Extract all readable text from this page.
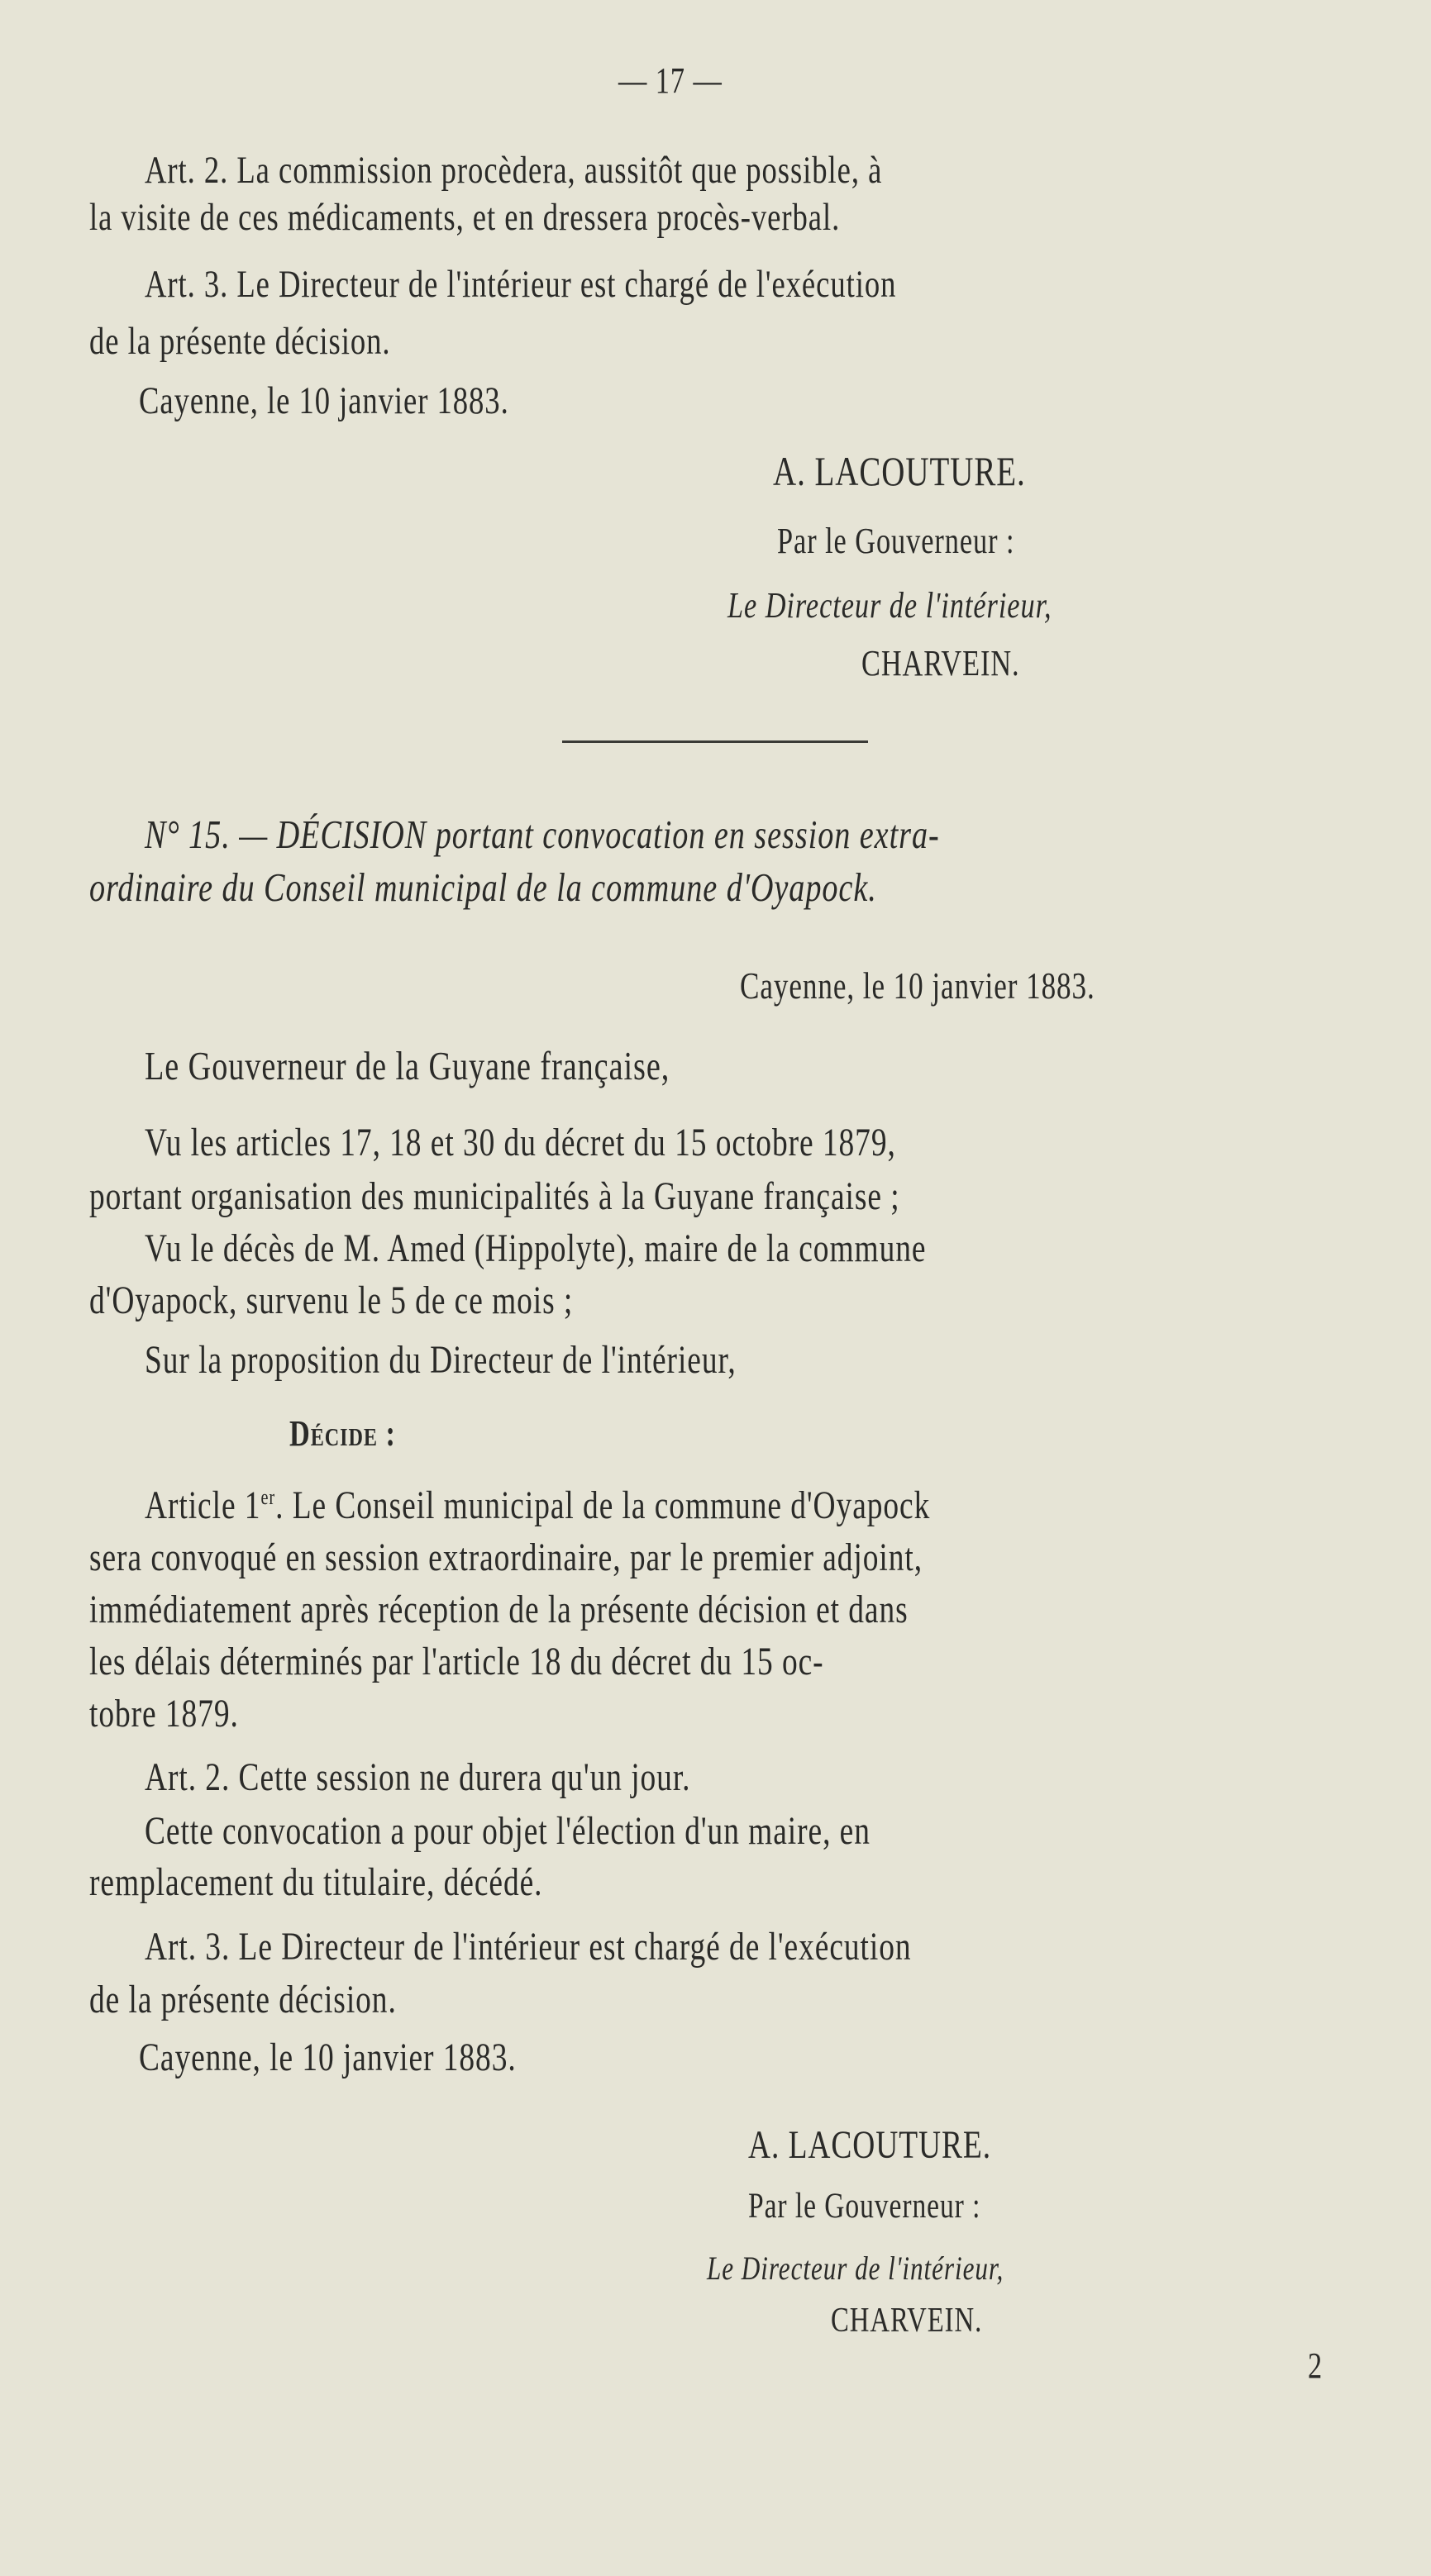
— 17 —
Art. 2. La commission procèdera, aussitôt que possible, à
la visite de ces médicaments, et en dressera procès-verbal.
Art. 3. Le Directeur de l'intérieur est chargé de l'exécution
de la présente décision.
Cayenne, le 10 janvier 1883.
A. LACOUTURE.
Par le Gouverneur :
Le Directeur de l'intérieur,
CHARVEIN.
N° 15. — DÉCISION portant convocation en session extra-
ordinaire du Conseil municipal de la commune d'Oyapock.
Cayenne, le 10 janvier 1883.
Le Gouverneur de la Guyane française,
Vu les articles 17, 18 et 30 du décret du 15 octobre 1879,
portant organisation des municipalités à la Guyane française ;
Vu le décès de M. Amed (Hippolyte), maire de la commune
d'Oyapock, survenu le 5 de ce mois ;
Sur la proposition du Directeur de l'intérieur,
Décide :
Article 1er. Le Conseil municipal de la commune d'Oyapock
sera convoqué en session extraordinaire, par le premier adjoint,
immédiatement après réception de la présente décision et dans
les délais déterminés par l'article 18 du décret du 15 oc-
tobre 1879.
Art. 2. Cette session ne durera qu'un jour.
Cette convocation a pour objet l'élection d'un maire, en
remplacement du titulaire, décédé.
Art. 3. Le Directeur de l'intérieur est chargé de l'exécution
de la présente décision.
Cayenne, le 10 janvier 1883.
A. LACOUTURE.
Par le Gouverneur :
Le Directeur de l'intérieur,
CHARVEIN.
2
